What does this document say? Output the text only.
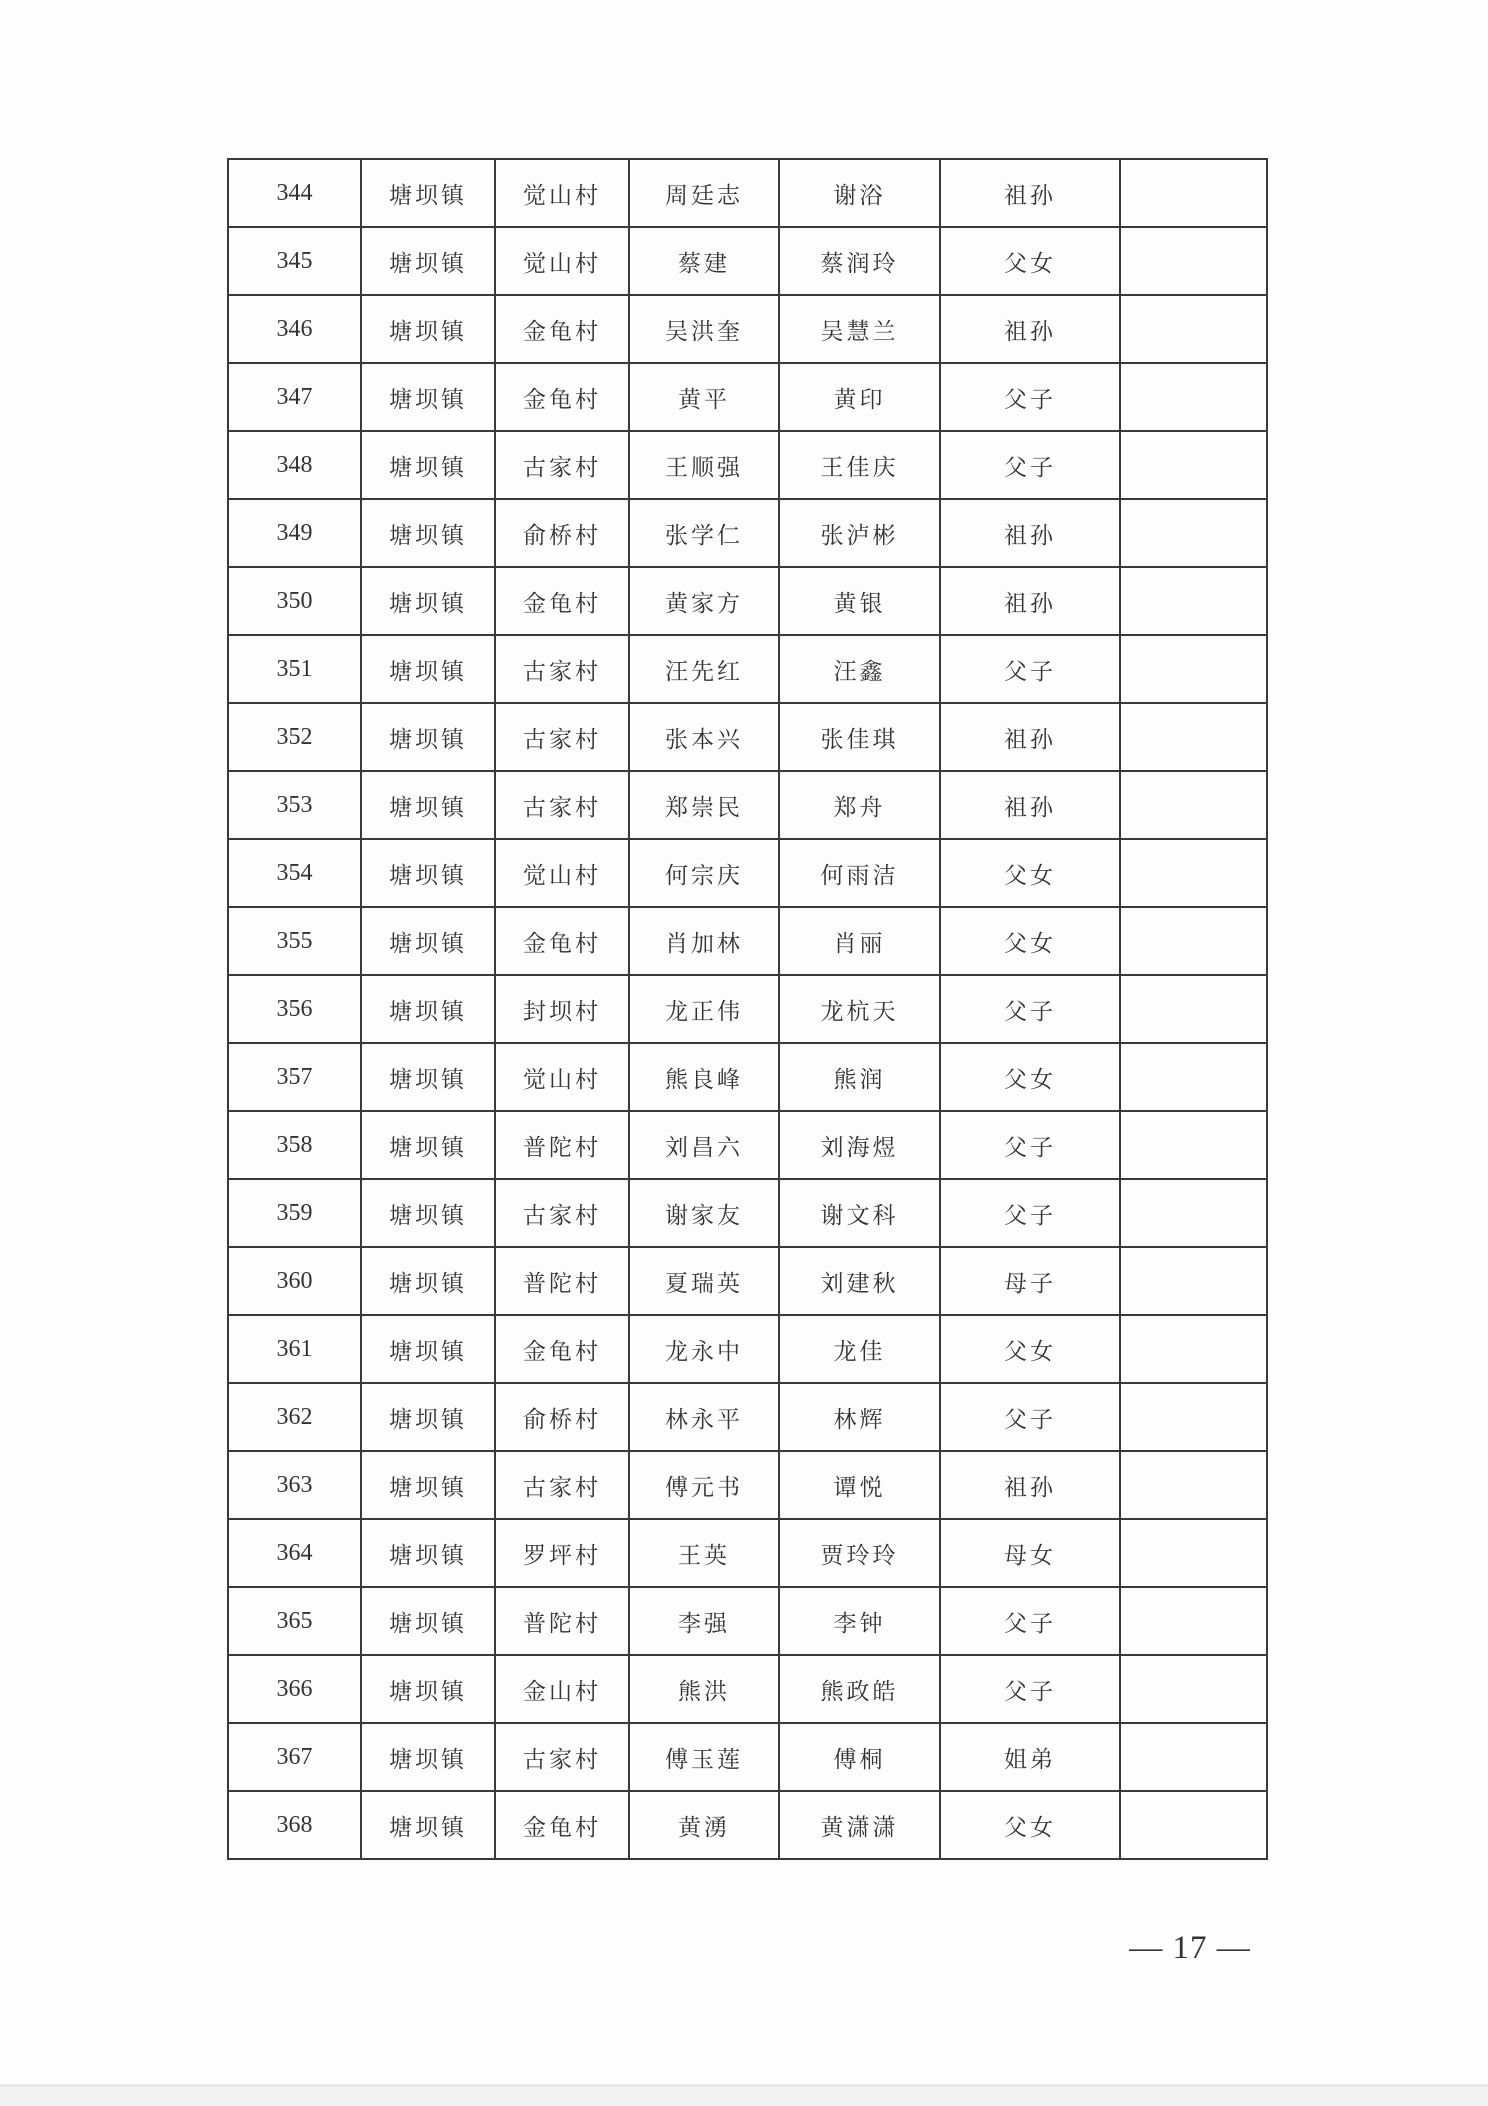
344	塘坝镇	觉山村	周廷志	谢浴	祖孙	
345	塘坝镇	觉山村	蔡建	蔡润玲	父女	
346	塘坝镇	金龟村	吴洪奎	吴慧兰	祖孙	
347	塘坝镇	金龟村	黄平	黄印	父子	
348	塘坝镇	古家村	王顺强	王佳庆	父子	
349	塘坝镇	俞桥村	张学仁	张泸彬	祖孙	
350	塘坝镇	金龟村	黄家方	黄银	祖孙	
351	塘坝镇	古家村	汪先红	汪鑫	父子	
352	塘坝镇	古家村	张本兴	张佳琪	祖孙	
353	塘坝镇	古家村	郑崇民	郑舟	祖孙	
354	塘坝镇	觉山村	何宗庆	何雨洁	父女	
355	塘坝镇	金龟村	肖加林	肖丽	父女	
356	塘坝镇	封坝村	龙正伟	龙杭天	父子	
357	塘坝镇	觉山村	熊良峰	熊润	父女	
358	塘坝镇	普陀村	刘昌六	刘海煜	父子	
359	塘坝镇	古家村	谢家友	谢文科	父子	
360	塘坝镇	普陀村	夏瑞英	刘建秋	母子	
361	塘坝镇	金龟村	龙永中	龙佳	父女	
362	塘坝镇	俞桥村	林永平	林辉	父子	
363	塘坝镇	古家村	傅元书	谭悦	祖孙	
364	塘坝镇	罗坪村	王英	贾玲玲	母女	
365	塘坝镇	普陀村	李强	李钟	父子	
366	塘坝镇	金山村	熊洪	熊政皓	父子	
367	塘坝镇	古家村	傅玉莲	傅桐	姐弟	
368	塘坝镇	金龟村	黄湧	黄潇潇	父女	
— 17 —
